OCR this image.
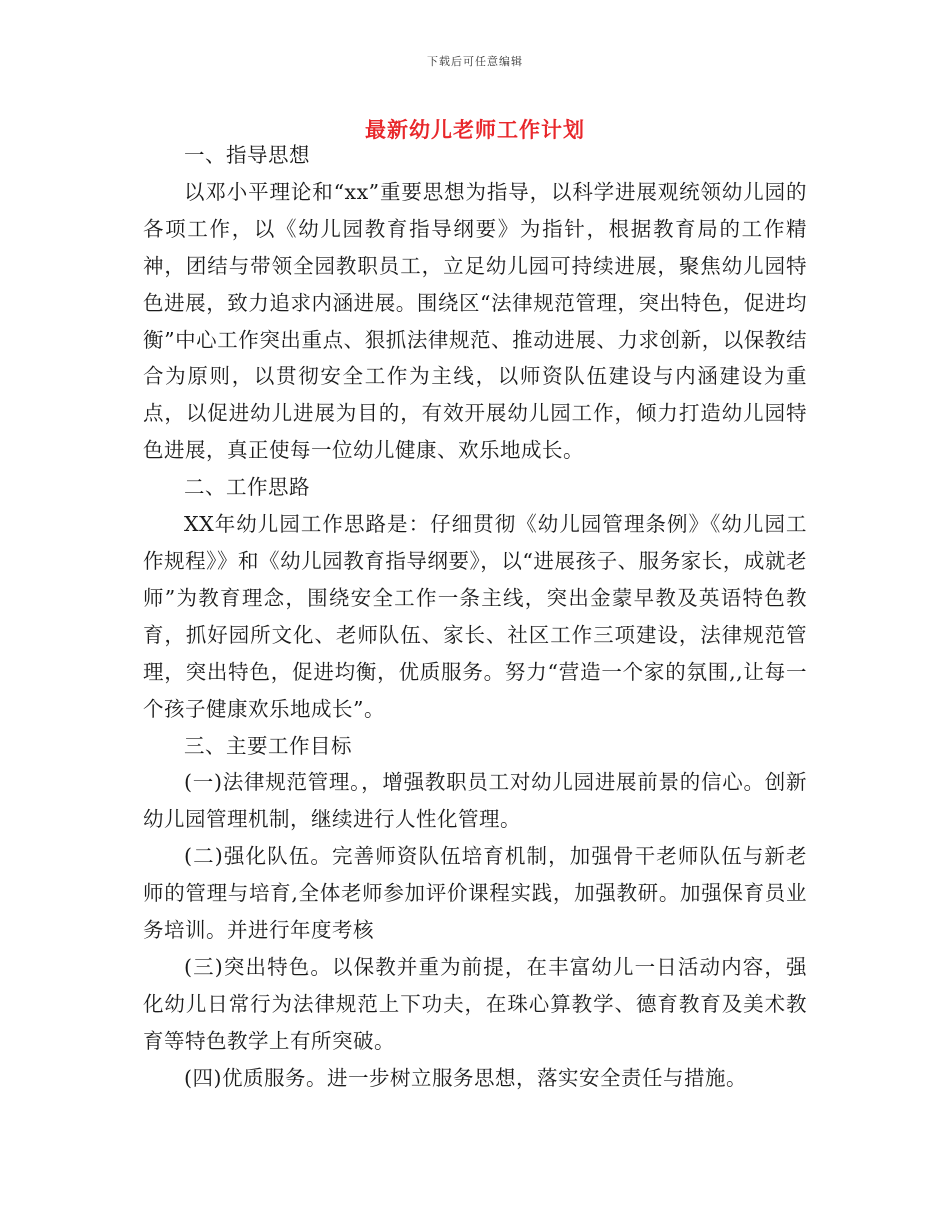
下载后可任意编辑
最新幼儿老师工作计划

一、指导思想

以邓小平理论和“xx”重要思想为指导，以科学进展观统领幼儿园的各项工作，以《幼儿园教育指导纲要》为指针，根据教育局的工作精神，团结与带领全园教职员工，立足幼儿园可持续进展，聚焦幼儿园特色进展，致力追求内涵进展。围绕区“法律规范管理，突出特色，促进均衡”中心工作突出重点、狠抓法律规范、推动进展、力求创新，以保教结合为原则，以贯彻安全工作为主线，以师资队伍建设与内涵建设为重点，以促进幼儿进展为目的，有效开展幼儿园工作，倾力打造幼儿园特色进展，真正使每一位幼儿健康、欢乐地成长。

二、工作思路

XX年幼儿园工作思路是：仔细贯彻《幼儿园管理条例》《幼儿园工作规程》》和《幼儿园教育指导纲要》，以“进展孩子、服务家长，成就老师”为教育理念，围绕安全工作一条主线，突出金蒙早教及英语特色教育，抓好园所文化、老师队伍、家长、社区工作三项建设，法律规范管理，突出特色，促进均衡，优质服务。努力“营造一个家的氛围,,让每一个孩子健康欢乐地成长”。

三、主要工作目标

(一)法律规范管理。，增强教职员工对幼儿园进展前景的信心。创新幼儿园管理机制，继续进行人性化管理。

(二)强化队伍。完善师资队伍培育机制，加强骨干老师队伍与新老师的管理与培育,全体老师参加评价课程实践，加强教研。加强保育员业务培训。并进行年度考核

(三)突出特色。以保教并重为前提，在丰富幼儿一日活动内容，强化幼儿日常行为法律规范上下功夫，在珠心算教学、德育教育及美术教育等特色教学上有所突破。

(四)优质服务。进一步树立服务思想，落实安全责任与措施。
